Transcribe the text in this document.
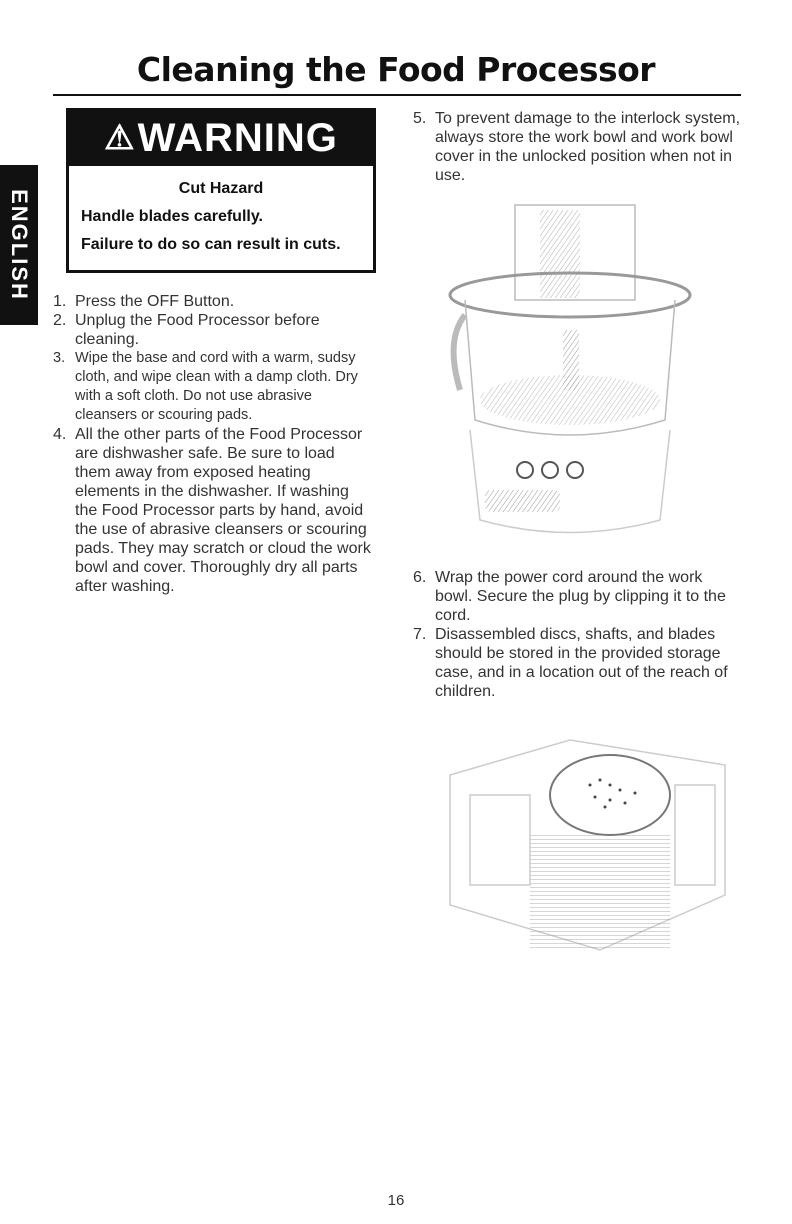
Cleaning the Food Processor
ENGLISH
⚠WARNING
Cut Hazard
Handle blades carefully.
Failure to do so can result in cuts.
1. Press the OFF Button.
2. Unplug the Food Processor before cleaning.
3. Wipe the base and cord with a warm, sudsy cloth, and wipe clean with a damp cloth. Dry with a soft cloth. Do not use abrasive cleansers or scouring pads.
4. All the other parts of the Food Processor are dishwasher safe. Be sure to load them away from exposed heating elements in the dishwasher. If washing the Food Processor parts by hand, avoid the use of abrasive cleansers or scouring pads. They may scratch or cloud the work bowl and cover. Thoroughly dry all parts after washing.
5. To prevent damage to the interlock system, always store the work bowl and work bowl cover in the unlocked position when not in use.
6. Wrap the power cord around the work bowl. Secure the plug by clipping it to the cord.
7. Disassembled discs, shafts, and blades should be stored in the provided storage case, and in a location out of the reach of children.
16
